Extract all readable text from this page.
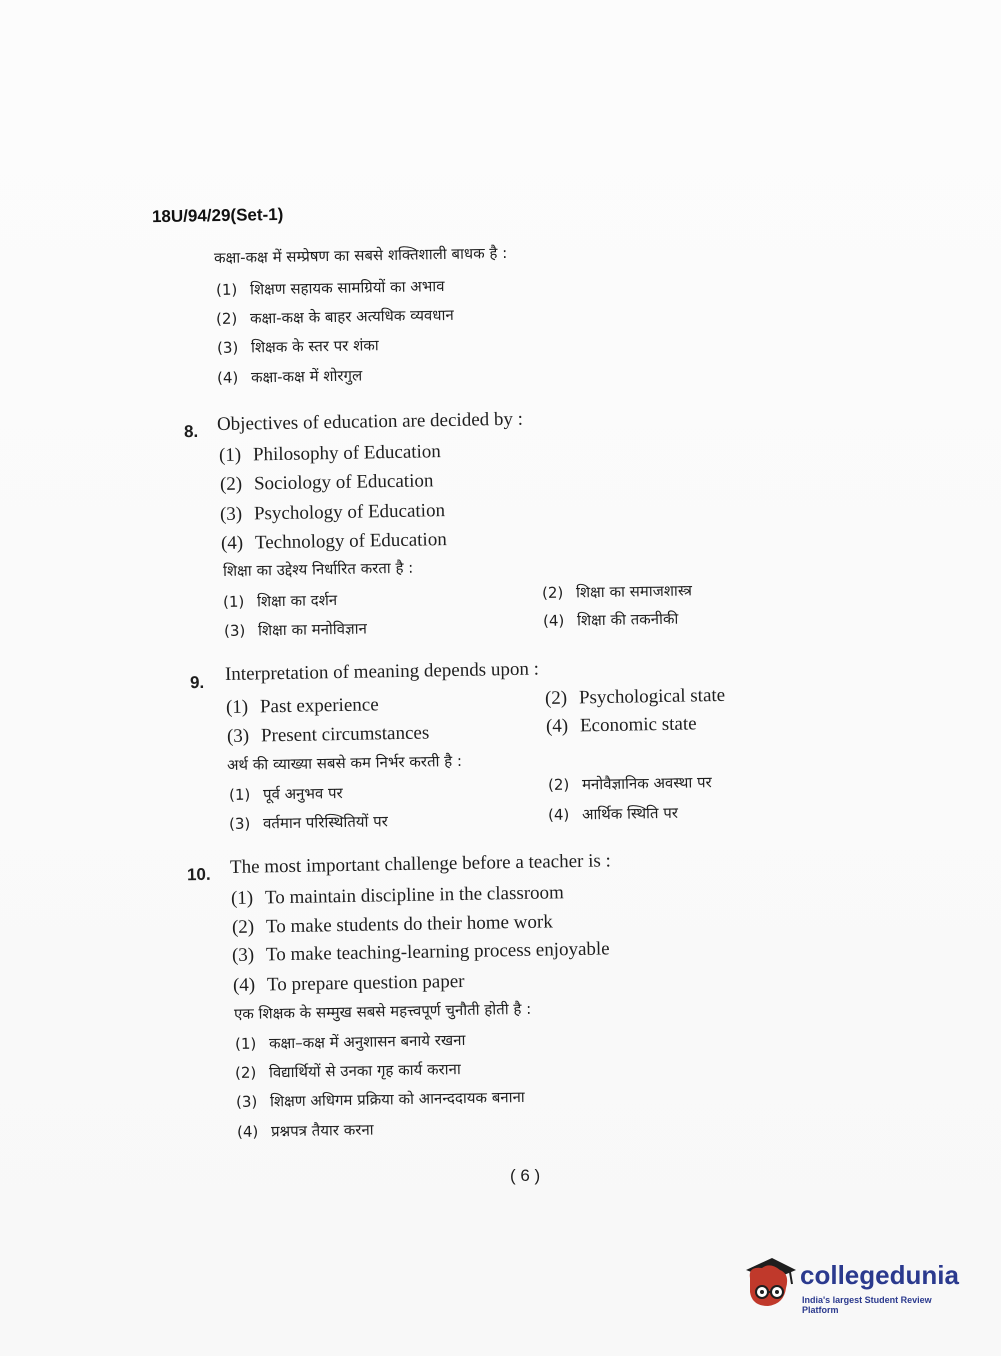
18U/94/29(Set-1)
कक्षा-कक्ष में सम्प्रेषण का सबसे शक्तिशाली बाधक है :
(1) शिक्षण सहायक सामग्रियों का अभाव
(2) कक्षा-कक्ष के बाहर अत्यधिक व्यवधान
(3) शिक्षक के स्तर पर शंका
(4) कक्षा-कक्ष में शोरगुल
8. Objectives of education are decided by :
(1) Philosophy of Education
(2) Sociology of Education
(3) Psychology of Education
(4) Technology of Education
शिक्षा का उद्देश्य निर्धारित करता है :
(1) शिक्षा का दर्शन	(2) शिक्षा का समाजशास्त्र
(3) शिक्षा का मनोविज्ञान	(4) शिक्षा की तकनीकी
9. Interpretation of meaning depends upon :
(1) Past experience	(2) Psychological state
(3) Present circumstances	(4) Economic state
अर्थ की व्याख्या सबसे कम निर्भर करती है :
(1) पूर्व अनुभव पर	(2) मनोवैज्ञानिक अवस्था पर
(3) वर्तमान परिस्थितियों पर	(4) आर्थिक स्थिति पर
10. The most important challenge before a teacher is :
(1) To maintain discipline in the classroom
(2) To make students do their home work
(3) To make teaching-learning process enjoyable
(4) To prepare question paper
एक शिक्षक के सम्मुख सबसे महत्त्वपूर्ण चुनौती होती है :
(1) कक्षा–कक्ष में अनुशासन बनाये रखना
(2) विद्यार्थियों से उनका गृह कार्य कराना
(3) शिक्षण अधिगम प्रक्रिया को आनन्ददायक बनाना
(4) प्रश्नपत्र तैयार करना
( 6 )
collegedunia
India's largest Student Review Platform
